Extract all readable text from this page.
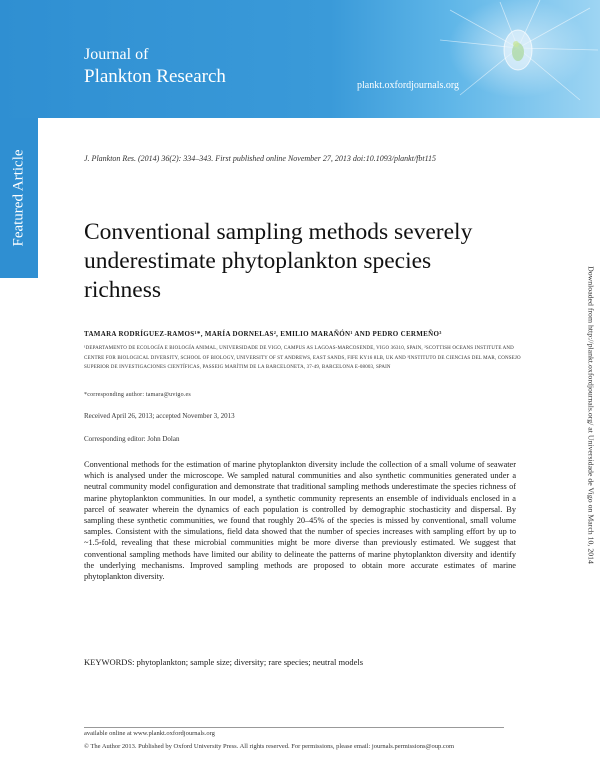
Journal of
Plankton Research	plankt.oxfordjournals.org
Featured Article	J. Plankton Res. (2014) 36(2): 334–343. First published online November 27, 2013 doi:10.1093/plankt/fbt115
Conventional sampling methods severely underestimate phytoplankton species richness
TAMARA RODRÍGUEZ-RAMOS¹*, MARÍA DORNELAS², EMILIO MARAÑÓN¹ AND PEDRO CERMEÑO³
¹DEPARTAMENTO DE ECOLOGÍA E BIOLOGÍA ANIMAL, UNIVERSIDADE DE VIGO, CAMPUS AS LAGOAS-MARCOSENDE, VIGO 36310, SPAIN, ²SCOTTISH OCEANS INSTITUTE AND CENTRE FOR BIOLOGICAL DIVERSITY, SCHOOL OF BIOLOGY, UNIVERSITY OF ST ANDREWS, EAST SANDS, FIFE KY16 8LB, UK AND ³INSTITUTO DE CIENCIAS DEL MAR, CONSEJO SUPERIOR DE INVESTIGACIONES CIENTÍFICAS, PASSEIG MARÍTIM DE LA BARCELONETA, 37-49, BARCELONA E-08003, SPAIN
*corresponding author: tamara@uvigo.es
Received April 26, 2013; accepted November 3, 2013
Corresponding editor: John Dolan
Conventional methods for the estimation of marine phytoplankton diversity include the collection of a small volume of seawater which is analysed under the microscope. We sampled natural communities and also synthetic communities generated under a neutral community model configuration and demonstrate that traditional sampling methods underestimate the species richness of marine phytoplankton communities. In our model, a synthetic community represents an ensemble of individuals enclosed in a parcel of seawater wherein the dynamics of each population is controlled by demographic stochasticity and dispersal. By sampling these synthetic communities, we found that roughly 20–45% of the species is missed by conventional, small volume samples. Consistent with the simulations, field data showed that the number of species increases with sampling effort by up to ~1.5-fold, revealing that these microbial communities might be more diverse than previously estimated. We suggest that conventional sampling methods have limited our ability to delineate the patterns of marine phytoplankton diversity and identify the underlying mechanisms. Improved sampling methods are proposed to obtain more accurate estimates of marine phytoplankton diversity.
KEYWORDS: phytoplankton; sample size; diversity; rare species; neutral models
available online at www.plankt.oxfordjournals.org
© The Author 2013. Published by Oxford University Press. All rights reserved. For permissions, please email: journals.permissions@oup.com
Downloaded from http://plankt.oxfordjournals.org/ at Universidade de Vigo on March 10, 2014
